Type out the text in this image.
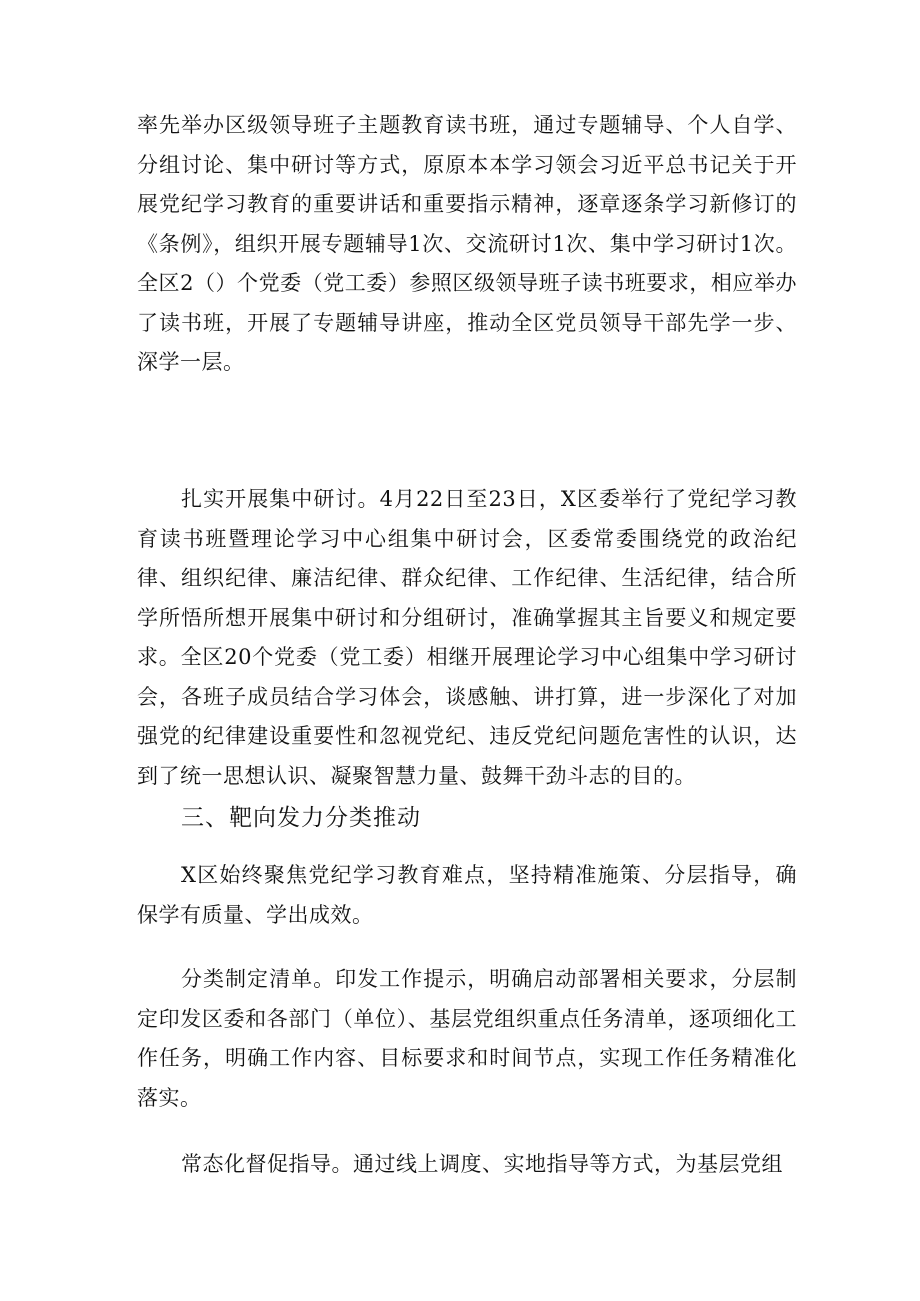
率先举办区级领导班子主题教育读书班，通过专题辅导、个人自学、分组讨论、集中研讨等方式，原原本本学习领会习近平总书记关于开展党纪学习教育的重要讲话和重要指示精神，逐章逐条学习新修订的《条例》，组织开展专题辅导1次、交流研讨1次、集中学习研讨1次。全区2（）个党委（党工委）参照区级领导班子读书班要求，相应举办了读书班，开展了专题辅导讲座，推动全区党员领导干部先学一步、深学一层。

扎实开展集中研讨。4月22日至23日，X区委举行了党纪学习教育读书班暨理论学习中心组集中研讨会，区委常委围绕党的政治纪律、组织纪律、廉洁纪律、群众纪律、工作纪律、生活纪律，结合所学所悟所想开展集中研讨和分组研讨，准确掌握其主旨要义和规定要求。全区20个党委（党工委）相继开展理论学习中心组集中学习研讨会，各班子成员结合学习体会，谈感触、讲打算，进一步深化了对加强党的纪律建设重要性和忽视党纪、违反党纪问题危害性的认识，达到了统一思想认识、凝聚智慧力量、鼓舞干劲斗志的目的。

三、靶向发力分类推动

X区始终聚焦党纪学习教育难点，坚持精准施策、分层指导，确保学有质量、学出成效。

分类制定清单。印发工作提示，明确启动部署相关要求，分层制定印发区委和各部门（单位）、基层党组织重点任务清单，逐项细化工作任务，明确工作内容、目标要求和时间节点，实现工作任务精准化落实。

常态化督促指导。通过线上调度、实地指导等方式，为基层党组
